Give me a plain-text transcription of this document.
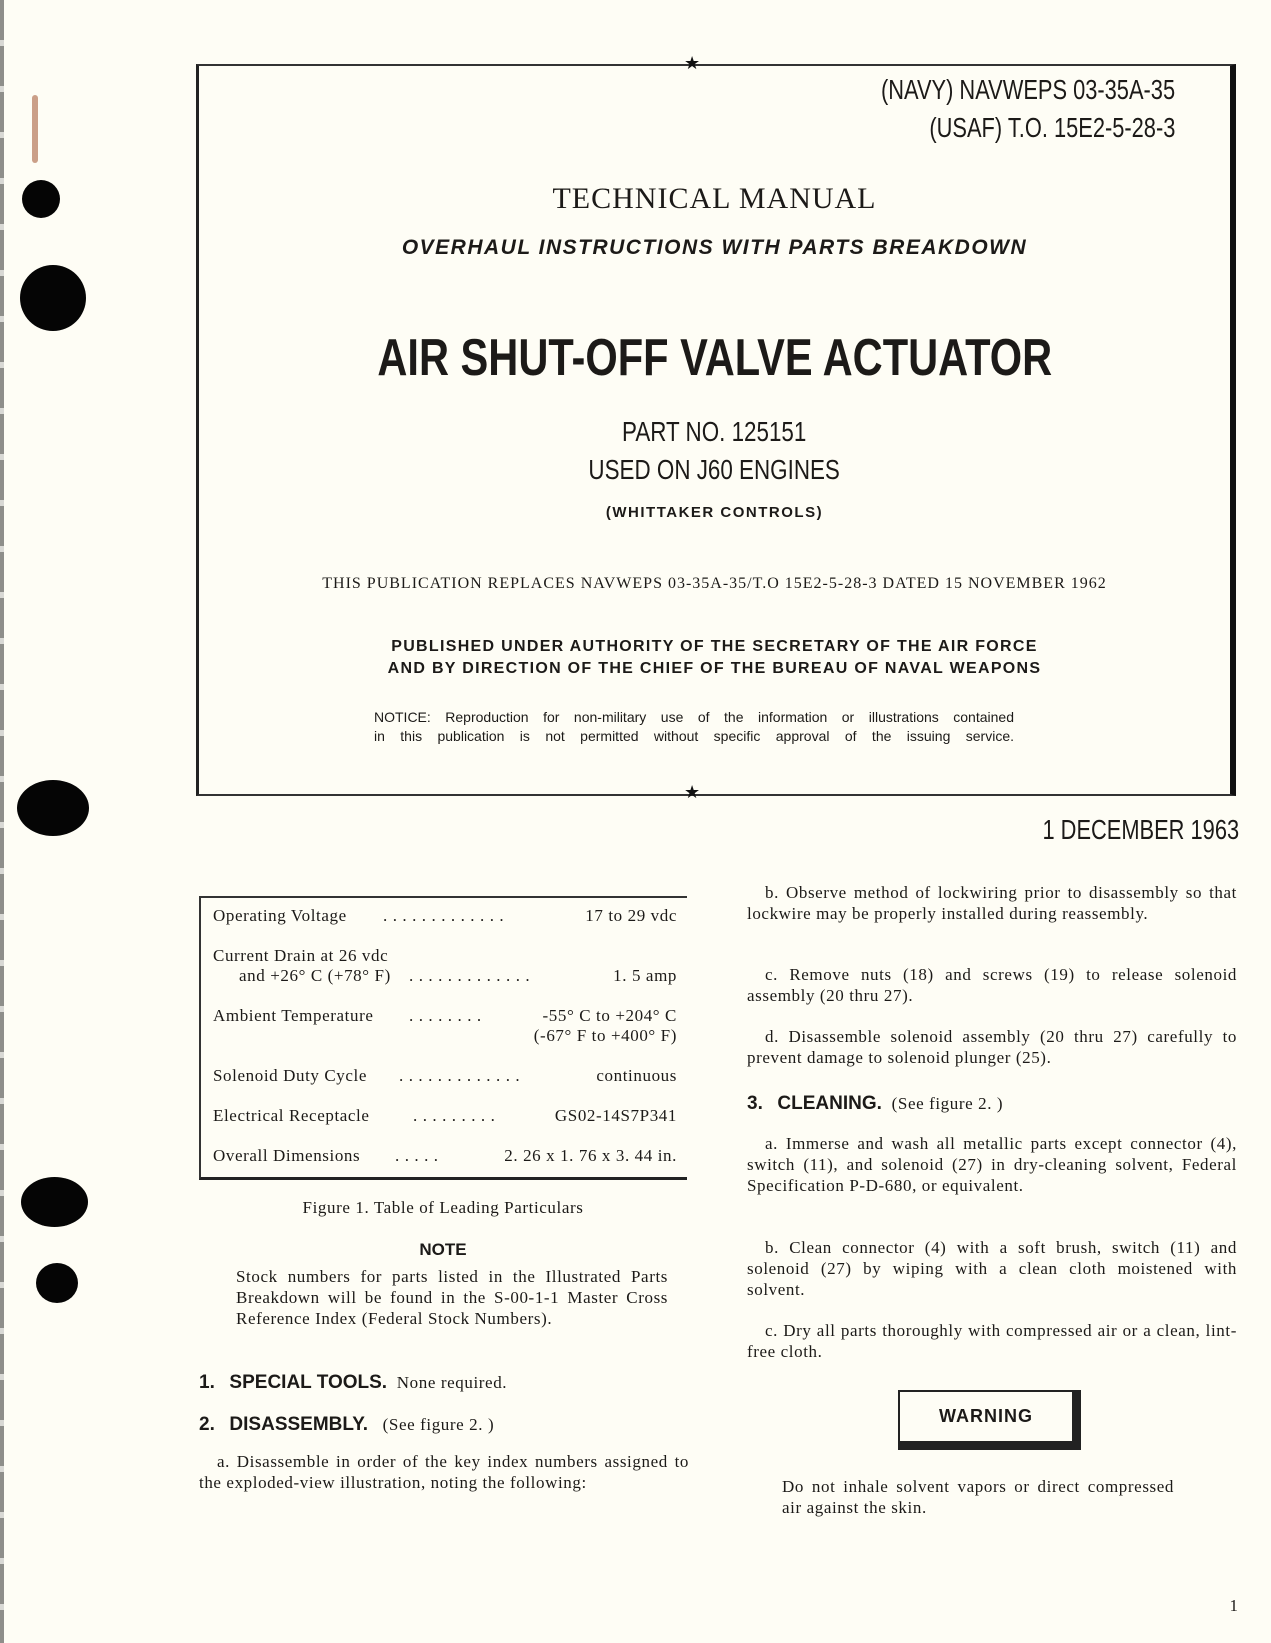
★
★
(NAVY) NAVWEPS 03-35A-35
(USAF) T.O. 15E2-5-28-3
TECHNICAL MANUAL
OVERHAUL INSTRUCTIONS WITH PARTS BREAKDOWN
AIR SHUT-OFF VALVE ACTUATOR
PART NO. 125151
USED ON J60 ENGINES
(WHITTAKER CONTROLS)
THIS PUBLICATION REPLACES NAVWEPS 03-35A-35/T.O 15E2-5-28-3 DATED 15 NOVEMBER 1962
PUBLISHED UNDER AUTHORITY OF THE SECRETARY OF THE AIR FORCE
AND BY DIRECTION OF THE CHIEF OF THE BUREAU OF NAVAL WEAPONS
NOTICE: Reproduction for non-military use of the information or illustrations contained
in this publication is not permitted without specific approval of the issuing service.
1 DECEMBER 1963
Operating Voltage	17 to 29 vdc
. . . . . . . . . . . . .
Current Drain at 26 vdc
and +26° C (+78° F)	1. 5 amp
. . . . . . . . . . . . .
Ambient Temperature	-55° C to +204° C
. . . . . . . .
(-67° F to +400° F)
Solenoid Duty Cycle	continuous
. . . . . . . . . . . . .
Electrical Receptacle	GS02-14S7P341
. . . . . . . . .
Overall Dimensions	2. 26 x 1. 76 x 3. 44 in.
. . . . .
Figure 1. Table of Leading Particulars
NOTE
Stock numbers for parts listed in the Illustrated Parts Breakdown will be found in the S-00-1-1 Master Cross Reference Index (Federal Stock Numbers).
1. SPECIAL TOOLS. None required.
2. DISASSEMBLY. (See figure 2. )
a. Disassemble in order of the key index numbers assigned to the exploded-view illustration, noting the following:
b. Observe method of lockwiring prior to disassembly so that lockwire may be properly installed during reassembly.
c. Remove nuts (18) and screws (19) to release solenoid assembly (20 thru 27).
d. Disassemble solenoid assembly (20 thru 27) carefully to prevent damage to solenoid plunger (25).
3. CLEANING. (See figure 2. )
a. Immerse and wash all metallic parts except connector (4), switch (11), and solenoid (27) in dry-cleaning solvent, Federal Specification P-D-680, or equivalent.
b. Clean connector (4) with a soft brush, switch (11) and solenoid (27) by wiping with a clean cloth moistened with solvent.
c. Dry all parts thoroughly with compressed air or a clean, lint-free cloth.
WARNING
Do not inhale solvent vapors or direct compressed air against the skin.
1
